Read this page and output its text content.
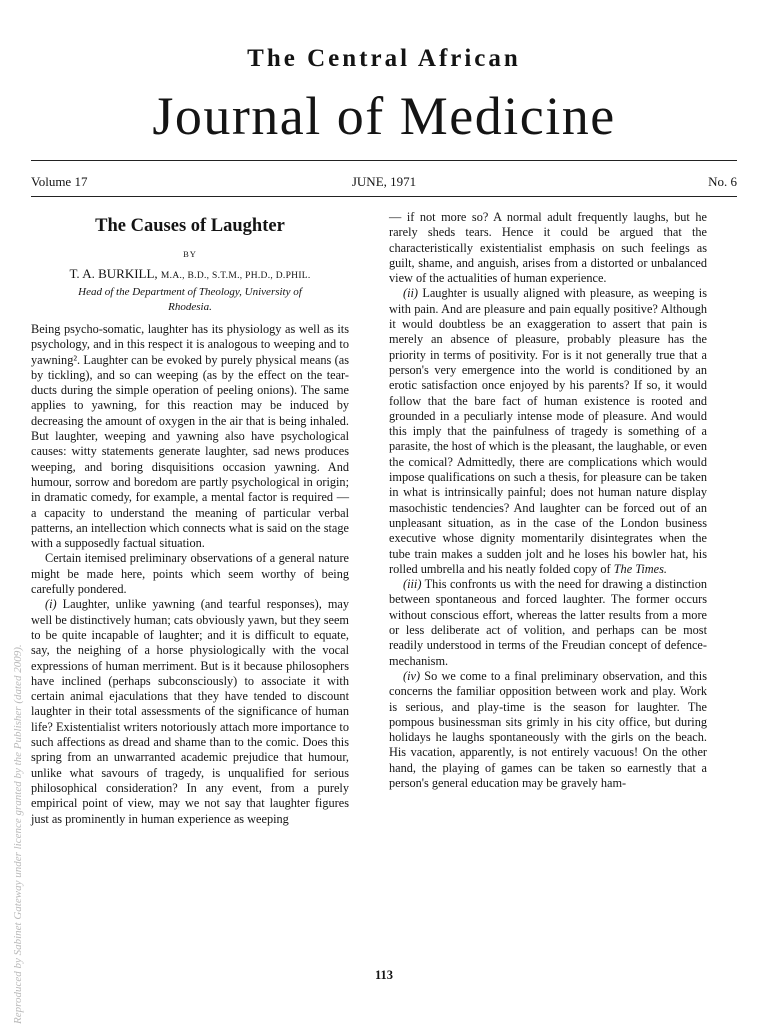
The Central African
Journal of Medicine
Volume 17	JUNE, 1971	No. 6
The Causes of Laughter
BY
T. A. BURKILL, M.A., B.D., S.T.M., PH.D., D.PHIL.
Head of the Department of Theology, University of
Rhodesia.

Being psycho-somatic, laughter has its physiology as well as its psychology, and in this respect it is analogous to weeping and to yawning². Laughter can be evoked by purely physical means (as by tickling), and so can weeping (as by the effect on the tear-ducts during the simple operation of peeling onions). The same applies to yawning, for this reaction may be induced by decreasing the amount of oxygen in the air that is being inhaled. But laughter, weeping and yawning also have psychological causes: witty statements generate laughter, sad news produces weeping, and boring disquisitions occasion yawning. And humour, sorrow and boredom are partly psychological in origin; in dramatic comedy, for example, a mental factor is required — a capacity to understand the meaning of particular verbal patterns, an intellection which connects what is said on the stage with a supposedly factual situation.

Certain itemised preliminary observations of a general nature might be made here, points which seem worthy of being carefully pondered.

(i) Laughter, unlike yawning (and tearful responses), may well be distinctively human; cats obviously yawn, but they seem to be quite incapable of laughter; and it is difficult to equate, say, the neighing of a horse physiologically with the vocal expressions of human merriment. But is it because philosophers have inclined (perhaps subconsciously) to associate it with certain animal ejaculations that they have tended to discount laughter in their total assessments of the significance of human life? Existentialist writers notoriously attach more importance to such affections as dread and shame than to the comic. Does this spring from an unwarranted academic prejudice that humour, unlike what savours of tragedy, is unqualified for serious philosophical consideration? In any event, from a purely empirical point of view, may we not say that laughter figures just as prominently in human experience as weeping

— if not more so? A normal adult frequently laughs, but he rarely sheds tears. Hence it could be argued that the characteristically existentialist emphasis on such feelings as guilt, shame, and anguish, arises from a distorted or unbalanced view of the actualities of human experience.

(ii) Laughter is usually aligned with pleasure, as weeping is with pain. And are pleasure and pain equally positive? Although it would doubtless be an exaggeration to assert that pain is merely an absence of pleasure, probably pleasure has the priority in terms of positivity. For is it not generally true that a person's very emergence into the world is conditioned by an erotic satisfaction once enjoyed by his parents? If so, it would follow that the bare fact of human existence is rooted and grounded in a peculiarly intense mode of pleasure. And would this imply that the painfulness of tragedy is something of a parasite, the host of which is the pleasant, the laughable, or even the comical? Admittedly, there are complications which would impose qualifications on such a thesis, for pleasure can be taken in what is intrinsically painful; does not human nature display masochistic tendencies? And laughter can be forced out of an unpleasant situation, as in the case of the London business executive whose dignity momentarily disintegrates when the tube train makes a sudden jolt and he loses his bowler hat, his rolled umbrella and his neatly folded copy of The Times.

(iii) This confronts us with the need for drawing a distinction between spontaneous and forced laughter. The former occurs without conscious effort, whereas the latter results from a more or less deliberate act of volition, and perhaps can be most readily understood in terms of the Freudian concept of defence-mechanism.

(iv) So we come to a final preliminary observation, and this concerns the familiar opposition between work and play. Work is serious, and play-time is the season for laughter. The pompous businessman sits grimly in his city office, but during holidays he laughs spontaneously with the girls on the beach. His vacation, apparently, is not entirely vacuous! On the other hand, the playing of games can be taken so earnestly that a person's general education may be gravely ham-

113
Reproduced by Sabinet Gateway under licence granted by the Publisher (dated 2009).
